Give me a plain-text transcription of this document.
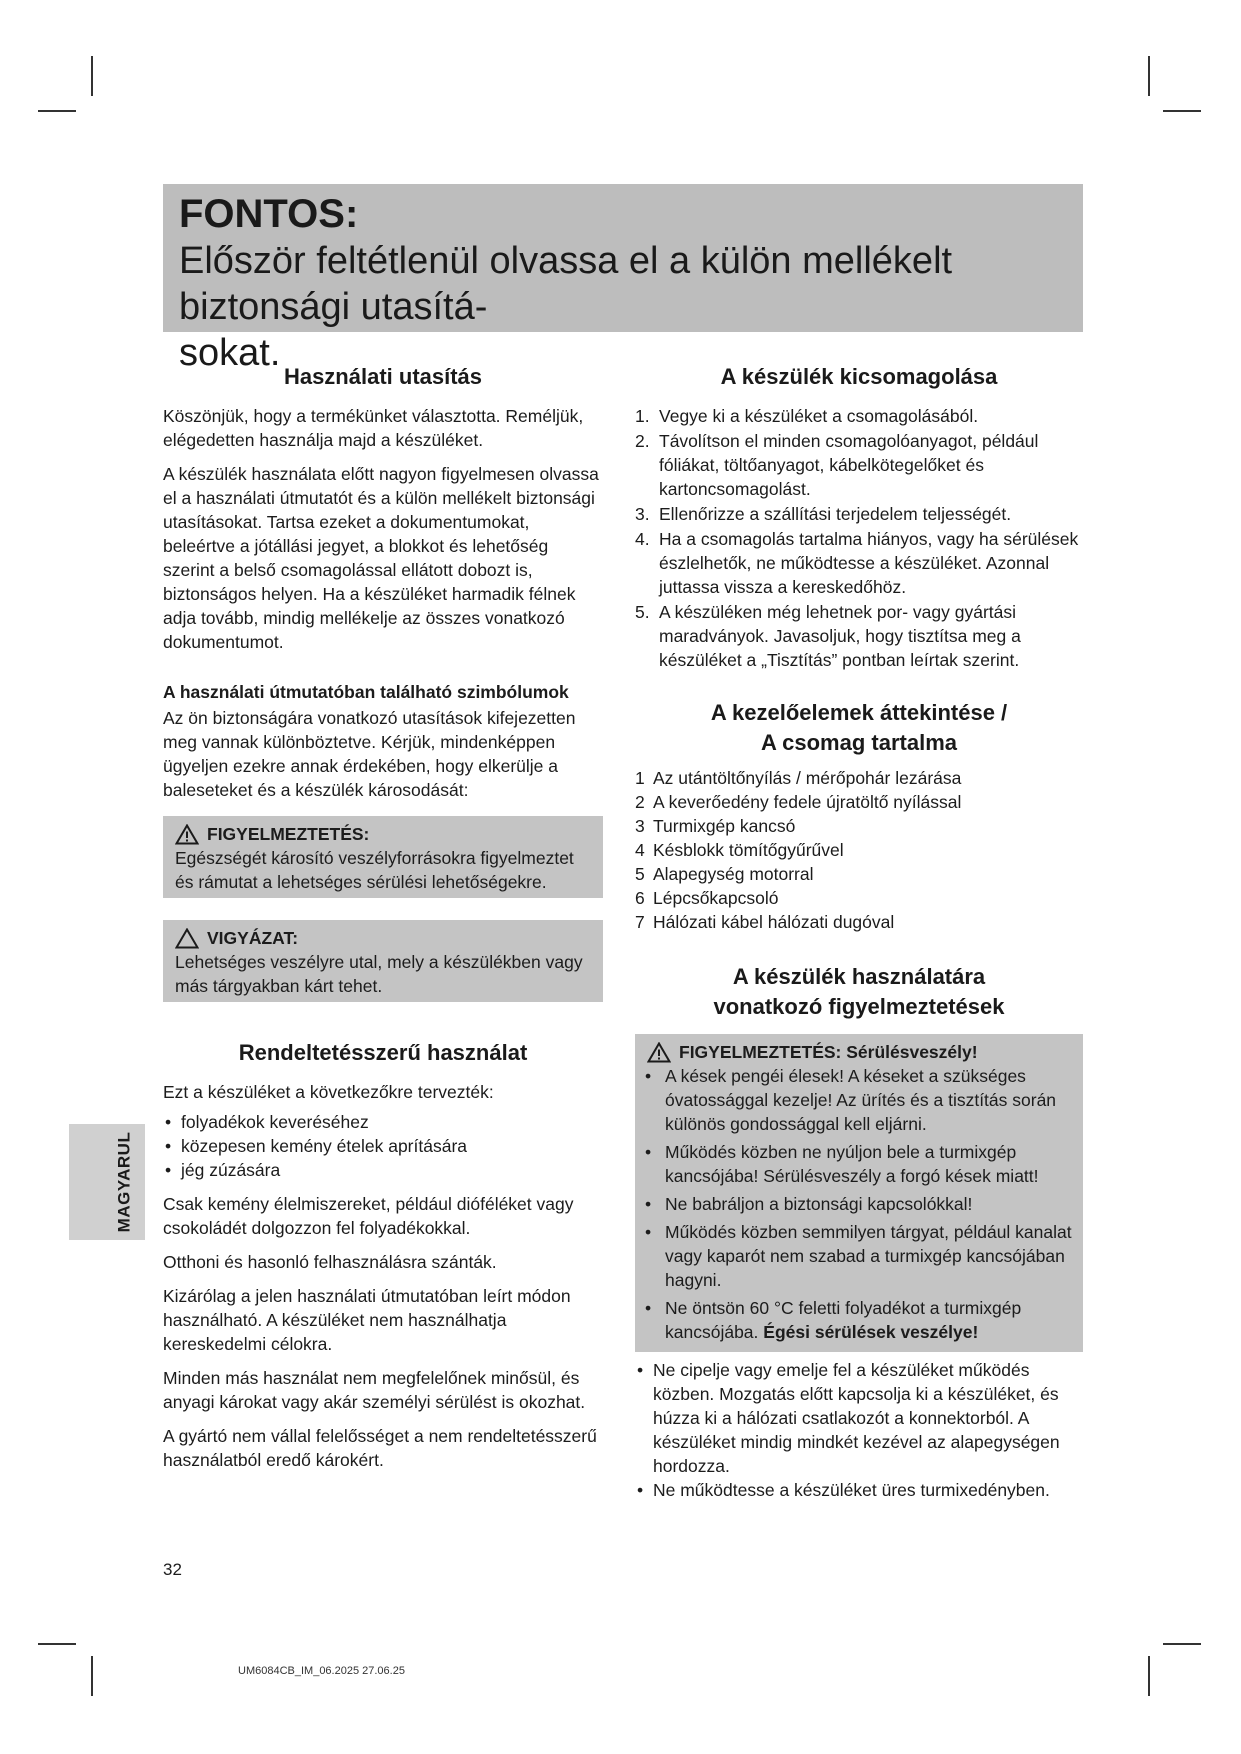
FONTOS:
Először feltétlenül olvassa el a külön mellékelt biztonsági utasítá-
sokat.
Használati utasítás

Köszönjük, hogy a termékünket választotta. Reméljük, elégedetten használja majd a készüléket.

A készülék használata előtt nagyon figyelmesen olvassa el a használati útmutatót és a külön mellékelt biztonsági utasításokat. Tartsa ezeket a dokumentumokat, beleértve a jótállási jegyet, a blokkot és lehetőség szerint a belső csomagolással ellátott dobozt is, biztonságos helyen. Ha a készüléket harmadik félnek adja tovább, mindig mellékelje az összes vonatkozó dokumentumot.

A használati útmutatóban található szimbólumok

Az ön biztonságára vonatkozó utasítások kifejezetten meg vannak különböztetve. Kérjük, mindenképpen ügyeljen ezekre annak érdekében, hogy elkerülje a baleseteket és a készülék károsodását:

FIGYELMEZTETÉS:
Egészségét károsító veszélyforrásokra figyelmeztet és rámutat a lehetséges sérülési lehetőségekre.
VIGYÁZAT:
Lehetséges veszélyre utal, mely a készülékben vagy más tárgyakban kárt tehet.
Rendeltetésszerű használat

Ezt a készüléket a következőkre tervezték:

• folyadékok keveréséhez
• közepesen kemény ételek aprítására
• jég zúzására

Csak kemény élelmiszereket, például dióféléket vagy csokoládét dolgozzon fel folyadékokkal.

Otthoni és hasonló felhasználásra szánták.

Kizárólag a jelen használati útmutatóban leírt módon használható. A készüléket nem használhatja kereskedelmi célokra.

Minden más használat nem megfelelőnek minősül, és anyagi károkat vagy akár személyi sérülést is okozhat.

A gyártó nem vállal felelősséget a nem rendeltetésszerű használatból eredő károkért.

A készülék kicsomagolása
1. Vegye ki a készüléket a csomagolásából.
2. Távolítson el minden csomagolóanyagot, például fóliákat, töltőanyagot, kábelkötegelőket és kartoncsomagolást.
3. Ellenőrizze a szállítási terjedelem teljességét.
4. Ha a csomagolás tartalma hiányos, vagy ha sérülések észlelhetők, ne működtesse a készüléket. Azonnal juttassa vissza a kereskedőhöz.
5. A készüléken még lehetnek por- vagy gyártási maradványok. Javasoljuk, hogy tisztítsa meg a készüléket a „Tisztítás” pontban leírtak szerint.
A kezelőelemek áttekintése /
A csomag tartalma
1 Az utántöltőnyílás / mérőpohár lezárása
2 A keverőedény fedele újratöltő nyílással
3 Turmixgép kancsó
4 Késblokk tömítőgyűrűvel
5 Alapegység motorral
6 Lépcsőkapcsoló
7 Hálózati kábel hálózati dugóval
A készülék használatára
vonatkozó figyelmeztetések
FIGYELMEZTETÉS: Sérülésveszély!
• A kések pengéi élesek! A késeket a szükséges óvatossággal kezelje! Az ürítés és a tisztítás során különös gondossággal kell eljárni.
• Működés közben ne nyúljon bele a turmixgép kancsójába! Sérülésveszély a forgó kések miatt!
• Ne babráljon a biztonsági kapcsolókkal!
• Működés közben semmilyen tárgyat, például kanalat vagy kaparót nem szabad a turmixgép kancsójában hagyni.
• Ne öntsön 60 °C feletti folyadékot a turmixgép kancsójába. Égési sérülések veszélye!
• Ne cipelje vagy emelje fel a készüléket működés közben. Mozgatás előtt kapcsolja ki a készüléket, és húzza ki a hálózati csatlakozót a konnektorból. A készüléket mindig mindkét kezével az alapegységen hordozza.
• Ne működtesse a készüléket üres turmixedényben.
MAGYARUL
32
UM6084CB_IM_06.2025 27.06.25
